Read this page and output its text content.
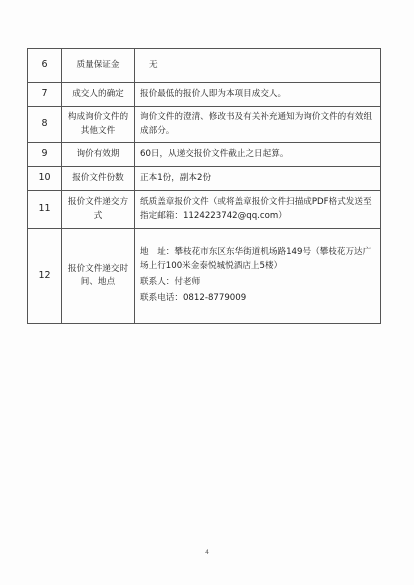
6	质量保证金	无
7	成交人的确定	报价最低的报价人即为本项目成交人。
8	构成询价文件的其他文件	询价文件的澄清、修改书及有关补充通知为询价文件的有效组成部分。
9	询价有效期	60日，从递交报价文件截止之日起算。
10	报价文件份数	正本1份，副本2份
11	报价文件递交方式	纸质盖章报价文件（或将盖章报价文件扫描成PDF格式发送至指定邮箱：1124223742@qq.com）
12	报价文件递交时间、地点	地　址：攀枝花市东区东华街道机场路149号（攀枝花万达广场上行100米金泰悦城悦酒店上5楼）
联系人：付老师
联系电话：0812-8779009
4
